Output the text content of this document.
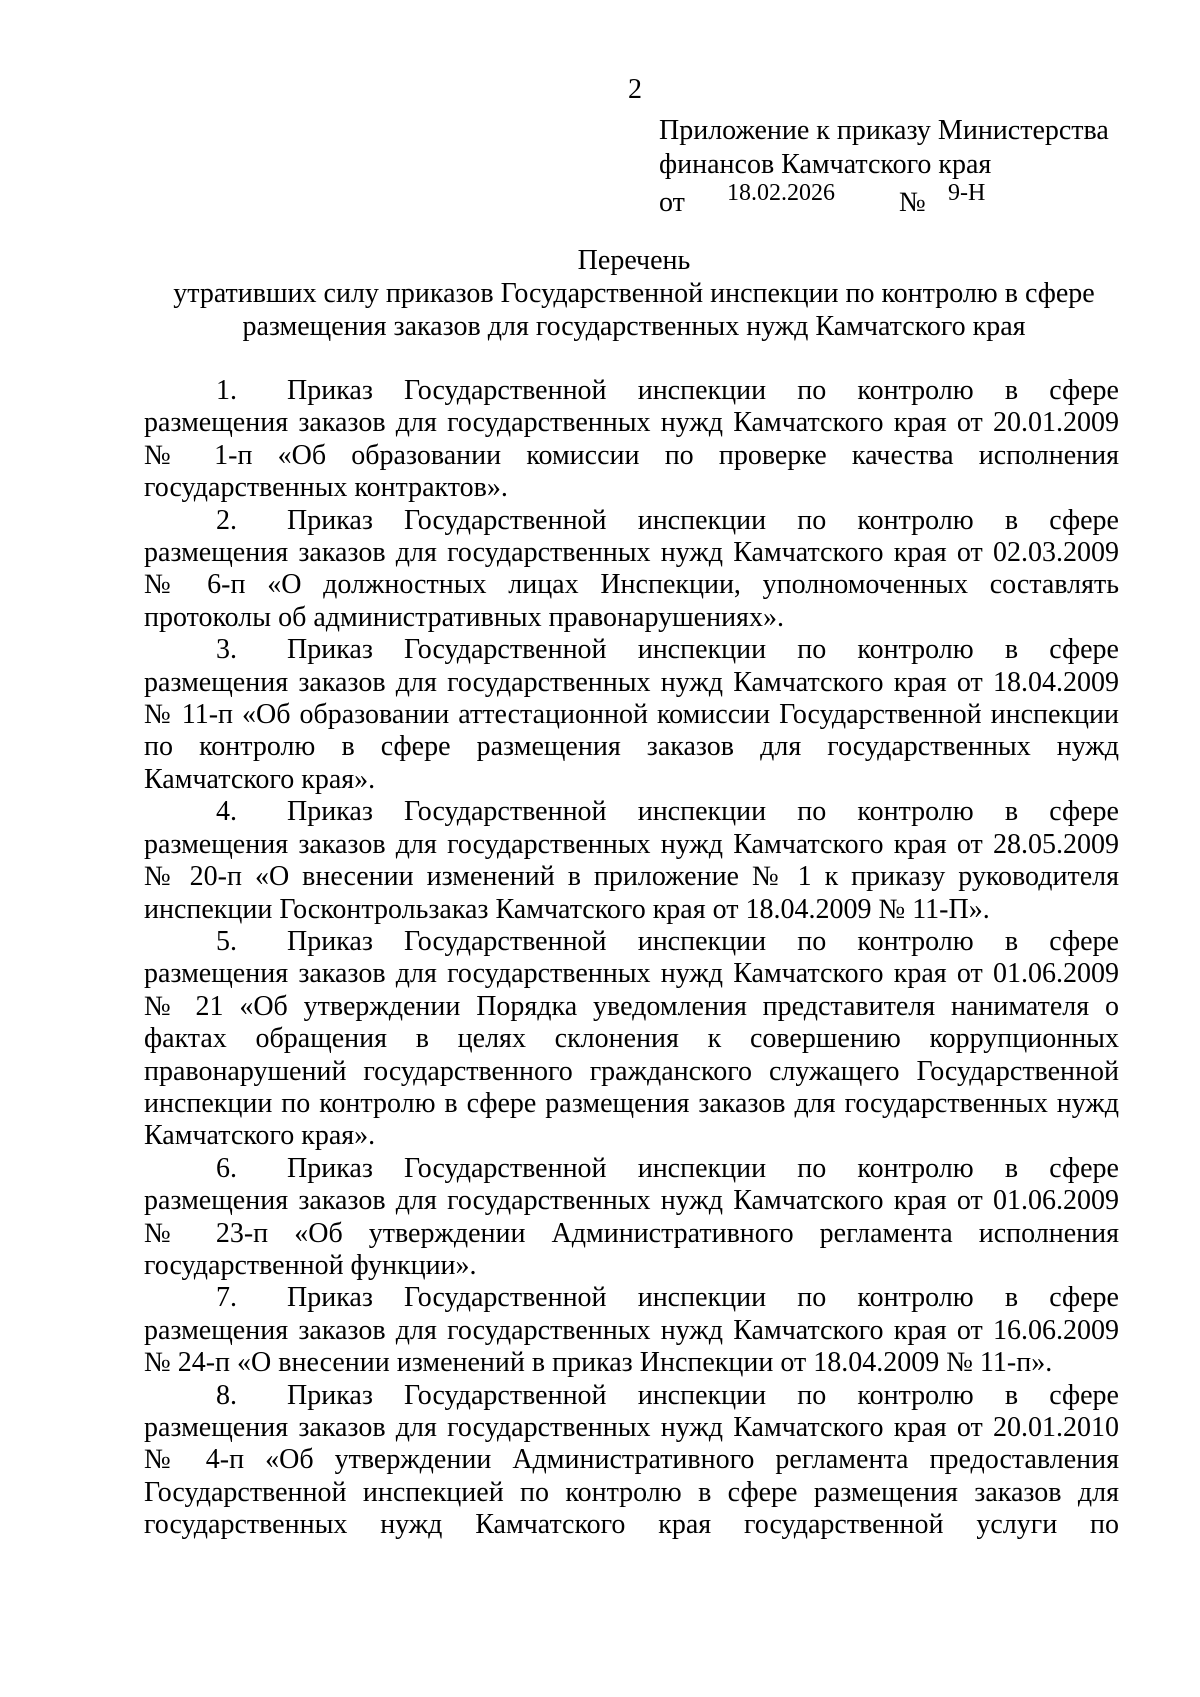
2
Приложение к приказу Министерства
финансов Камчатского края
от 18.02.2026 № 9-Н
Перечень
утративших силу приказов Государственной инспекции по контролю в сфере
размещения заказов для государственных нужд Камчатского края

1. Приказ Государственной инспекции по контролю в сфере размещения заказов для государственных нужд Камчатского края от 20.01.2009 № 1-п «Об образовании комиссии по проверке качества исполнения государственных контрактов».

2. Приказ Государственной инспекции по контролю в сфере размещения заказов для государственных нужд Камчатского края от 02.03.2009 № 6-п «О должностных лицах Инспекции, уполномоченных составлять протоколы об административных правонарушениях».

3. Приказ Государственной инспекции по контролю в сфере размещения заказов для государственных нужд Камчатского края от 18.04.2009 № 11-п «Об образовании аттестационной комиссии Государственной инспекции по контролю в сфере размещения заказов для государственных нужд Камчатского края».

4. Приказ Государственной инспекции по контролю в сфере размещения заказов для государственных нужд Камчатского края от 28.05.2009 № 20-п «О внесении изменений в приложение № 1 к приказу руководителя инспекции Госконтрользаказ Камчатского края от 18.04.2009 № 11-П».

5. Приказ Государственной инспекции по контролю в сфере размещения заказов для государственных нужд Камчатского края от 01.06.2009 № 21 «Об утверждении Порядка уведомления представителя нанимателя о фактах обращения в целях склонения к совершению коррупционных правонарушений государственного гражданского служащего Государственной инспекции по контролю в сфере размещения заказов для государственных нужд Камчатского края».

6. Приказ Государственной инспекции по контролю в сфере размещения заказов для государственных нужд Камчатского края от 01.06.2009 № 23-п «Об утверждении Административного регламента исполнения государственной функции».

7. Приказ Государственной инспекции по контролю в сфере размещения заказов для государственных нужд Камчатского края от 16.06.2009 № 24-п «О внесении изменений в приказ Инспекции от 18.04.2009 № 11-п».

8. Приказ Государственной инспекции по контролю в сфере размещения заказов для государственных нужд Камчатского края от 20.01.2010 № 4-п «Об утверждении Административного регламента предоставления Государственной инспекцией по контролю в сфере размещения заказов для государственных нужд Камчатского края государственной услуги по
